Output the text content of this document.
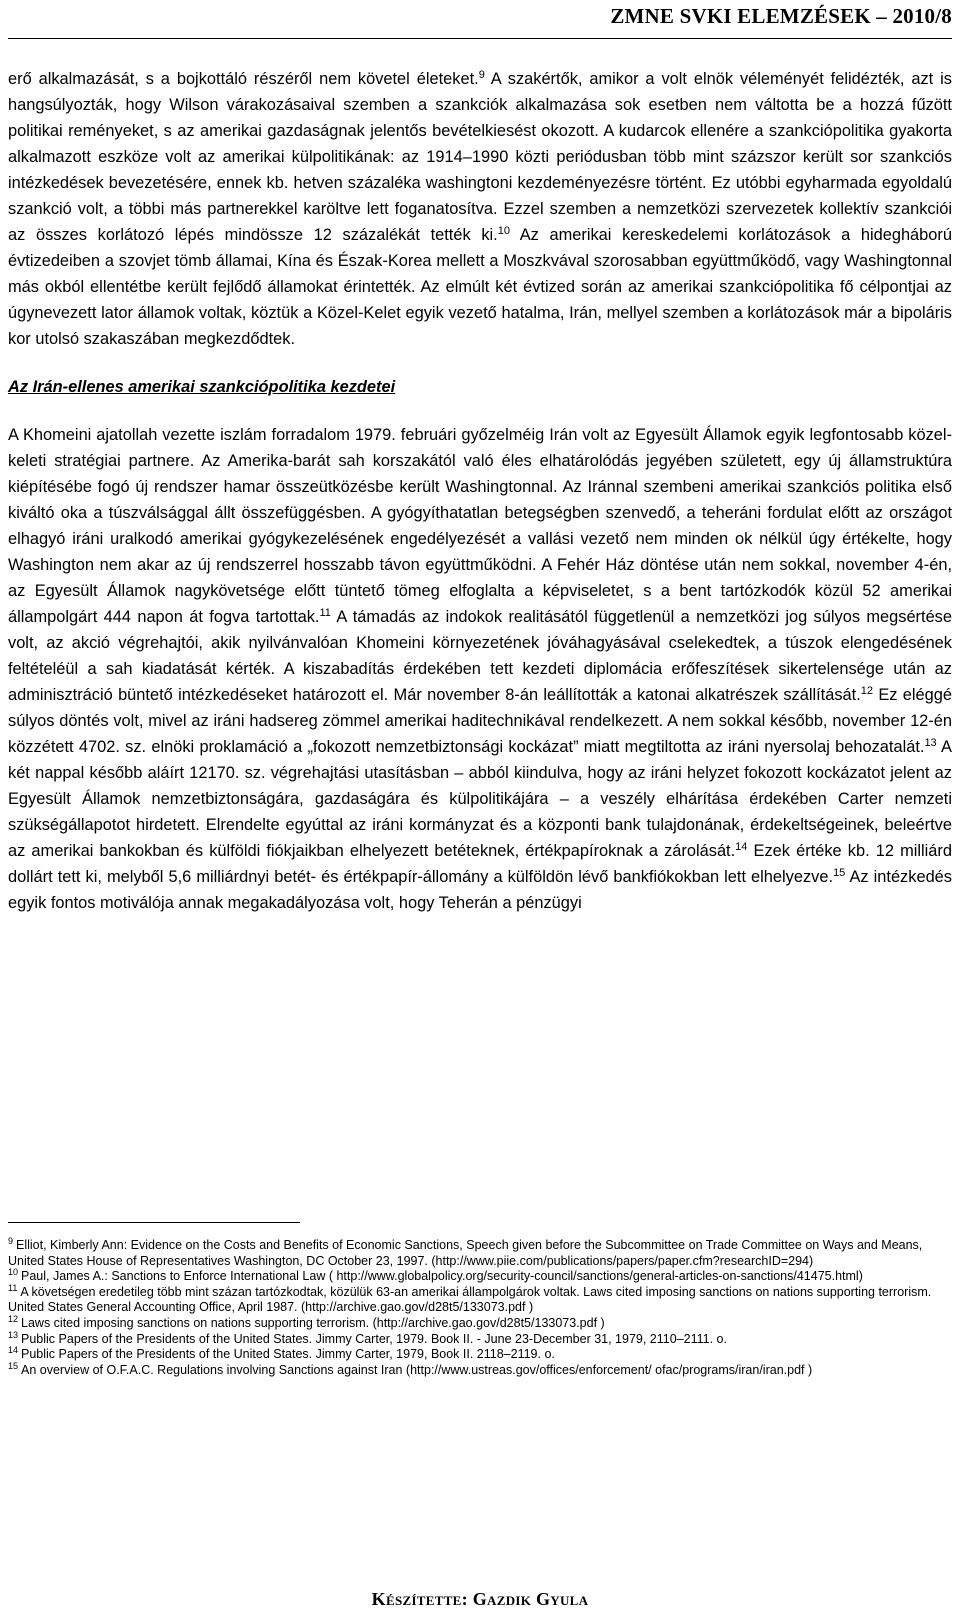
ZMNE SVKI ELEMZÉSEK – 2010/8

erő alkalmazását, s a bojkottáló részéről nem követel életeket.$^9$ A szakértők, amikor a volt elnök véleményét felidézték, azt is hangsúlyozták, hogy Wilson várakozásaival szemben a szankciók alkalmazása sok esetben nem váltotta be a hozzá fűzött politikai reményeket, s az amerikai gazdaságnak jelentős bevételkiesést okozott. A kudarcok ellenére a szankciópolitika gyakorta alkalmazott eszköze volt az amerikai külpolitikának: az 1914–1990 közti periódusban több mint százszor került sor szankciós intézkedések bevezetésére, ennek kb. hetven százaléka washingtoni kezdeményezésre történt. Ez utóbbi egyharmada egyoldalú szankció volt, a többi más partnerekkel karöltve lett foganatosítva. Ezzel szemben a nemzetközi szervezetek kollektív szankciói az összes korlátozó lépés mindössze 12 százalékát tették ki.$^{10}$ Az amerikai kereskedelemi korlátozások a hidegháború évtizedeiben a szovjet tömb államai, Kína és Észak-Korea mellett a Moszkvával szorosabban együttműködő, vagy Washingtonnal más okból ellentétbe került fejlődő államokat érintették. Az elmúlt két évtized során az amerikai szankciópolitika fő célpontjai az úgynevezett lator államok voltak, köztük a Közel-Kelet egyik vezető hatalma, Irán, mellyel szemben a korlátozások már a bipoláris kor utolsó szakaszában megkezdődtek.

Az Irán-ellenes amerikai szankciópolitika kezdetei

A Khomeini ajatollah vezette iszlám forradalom 1979. februári győzelméig Irán volt az Egyesült Államok egyik legfontosabb közel-keleti stratégiai partnere. Az Amerika-barát sah korszakától való éles elhatárolódás jegyében született, egy új államstruktúra kiépítésébe fogó új rendszer hamar összeütközésbe került Washingtonnal. Az Iránnal szembeni amerikai szankciós politika első kiváltó oka a túszválsággal állt összefüggésben. A gyógyíthatatlan betegségben szenvedő, a teheráni fordulat előtt az országot elhagyó iráni uralkodó amerikai gyógykezelésének engedélyezését a vallási vezető nem minden ok nélkül úgy értékelte, hogy Washington nem akar az új rendszerrel hosszabb távon együttműködni. A Fehér Ház döntése után nem sokkal, november 4-én, az Egyesült Államok nagykövetsége előtt tüntető tömeg elfoglalta a képviseletet, s a bent tartózkodók közül 52 amerikai állampolgárt 444 napon át fogva tartottak.$^{11}$ A támadás az indokok realitásától függetlenül a nemzetközi jog súlyos megsértése volt, az akció végrehajtói, akik nyilvánvalóan Khomeini környezetének jóváhagyásával cselekedtek, a túszok elengedésének feltételéül a sah kiadatását kérték. A kiszabadítás érdekében tett kezdeti diplomácia erőfeszítések sikertelensége után az adminisztráció büntető intézkedéseket határozott el. Már november 8-án leállították a katonai alkatrészek szállítását.$^{12}$ Ez eléggé súlyos döntés volt, mivel az iráni hadsereg zömmel amerikai haditechnikával rendelkezett. A nem sokkal később, november 12-én közzétett 4702. sz. elnöki proklamáció a „fokozott nemzetbiztonsági kockázat” miatt megtiltotta az iráni nyersolaj behozatalát.$^{13}$ A két nappal később aláírt 12170. sz. végrehajtási utasításban – abból kiindulva, hogy az iráni helyzet fokozott kockázatot jelent az Egyesült Államok nemzetbiztonságára, gazdaságára és külpolitikájára – a veszély elhárítása érdekében Carter nemzeti szükségállapotot hirdetett. Elrendelte egyúttal az iráni kormányzat és a központi bank tulajdonának, érdekeltségeinek, beleértve az amerikai bankokban és külföldi fiókjaikban elhelyezett betéteknek, értékpapíroknak a zárolását.$^{14}$ Ezek értéke kb. 12 milliárd dollárt tett ki, melyből 5,6 milliárdnyi betét- és értékpapír-állomány a külföldön lévő bankfiókokban lett elhelyezve.$^{15}$ Az intézkedés egyik fontos motiválója annak megakadályozása volt, hogy Teherán a pénzügyi

$^9$ Elliot, Kimberly Ann: Evidence on the Costs and Benefits of Economic Sanctions, Speech given before the Subcommittee on Trade Committee on Ways and Means, United States House of Representatives Washington, DC October 23, 1997. (http://www.piie.com/publications/papers/paper.cfm?researchID=294)

$^{10}$ Paul, James A.: Sanctions to Enforce International Law ( http://www.globalpolicy.org/security-council/sanctions/general-articles-on-sanctions/41475.html)

$^{11}$ A követségen eredetileg több mint százan tartózkodtak, közülük 63-an amerikai állampolgárok voltak. Laws cited imposing sanctions on nations supporting terrorism. United States General Accounting Office, April 1987. (http://archive.gao.gov/d28t5/133073.pdf )

$^{12}$ Laws cited imposing sanctions on nations supporting terrorism. (http://archive.gao.gov/d28t5/133073.pdf )

$^{13}$ Public Papers of the Presidents of the United States. Jimmy Carter, 1979. Book II. - June 23-December 31, 1979, 2110–2111. o.

$^{14}$ Public Papers of the Presidents of the United States. Jimmy Carter, 1979, Book II. 2118–2119. o.

$^{15}$ An overview of O.F.A.C. Regulations involving Sanctions against Iran (http://www.ustreas.gov/offices/enforcement/ ofac/programs/iran/iran.pdf )

Készítette: Gazdik Gyula
